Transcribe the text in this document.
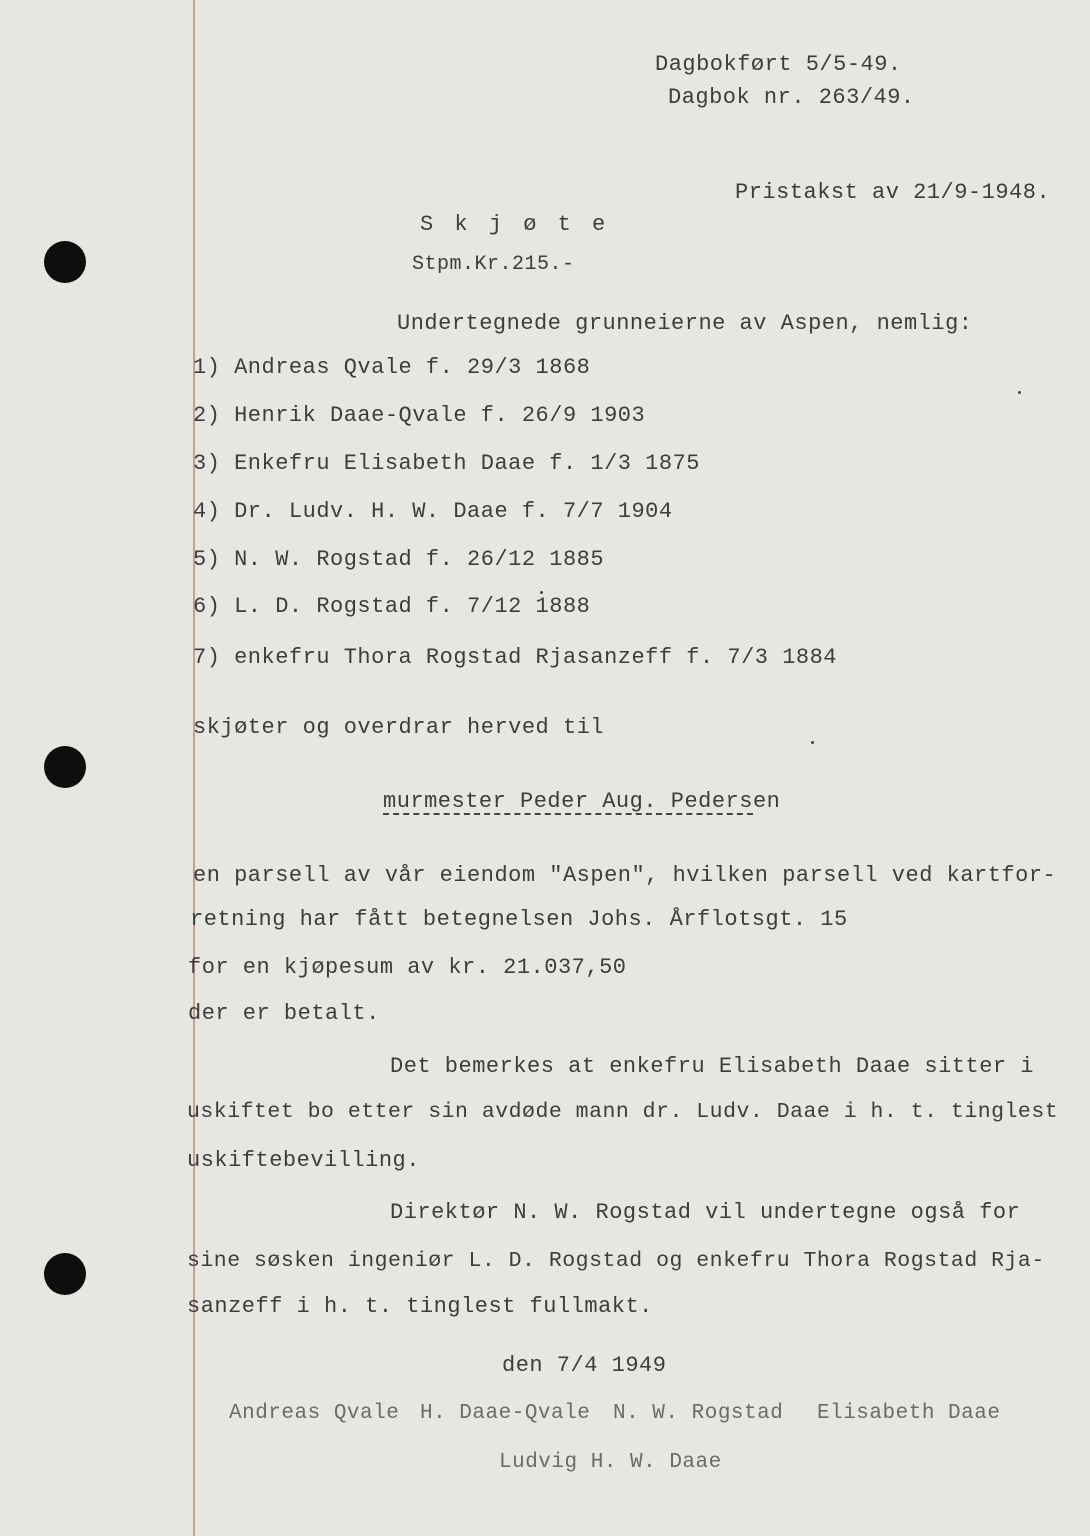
Dagbokført 5/5-49.
Dagbok nr. 263/49.
Pristakst av 21/9-1948.
S k j ø t e
Stpm.Kr.215.-
Undertegnede grunneierne av Aspen, nemlig:
1) Andreas Qvale f. 29/3 1868
2) Henrik Daae-Qvale f. 26/9 1903
3) Enkefru Elisabeth Daae f. 1/3 1875
4) Dr. Ludv. H. W. Daae f. 7/7 1904
5) N. W. Rogstad f. 26/12 1885
6) L. D. Rogstad f. 7/12 1888
7) enkefru Thora Rogstad Rjasanzeff f. 7/3 1884
skjøter og overdrar herved til
murmester Peder Aug. Pedersen
en parsell av vår eiendom "Aspen", hvilken parsell ved kartfor-
retning har fått betegnelsen Johs. Årflotsgt. 15
for en kjøpesum av kr. 21.037,50
der er betalt.
Det bemerkes at enkefru Elisabeth Daae sitter i
uskiftet bo etter sin avdøde mann dr. Ludv. Daae i h. t. tinglest
uskiftebevilling.
Direktør N. W. Rogstad vil undertegne også for
sine søsken ingeniør L. D. Rogstad og enkefru Thora Rogstad Rja-
sanzeff i h. t. tinglest fullmakt.
den 7/4 1949
Andreas Qvale H. Daae-Qvale N. W. Rogstad Elisabeth Daae
Ludvig H. W. Daae
